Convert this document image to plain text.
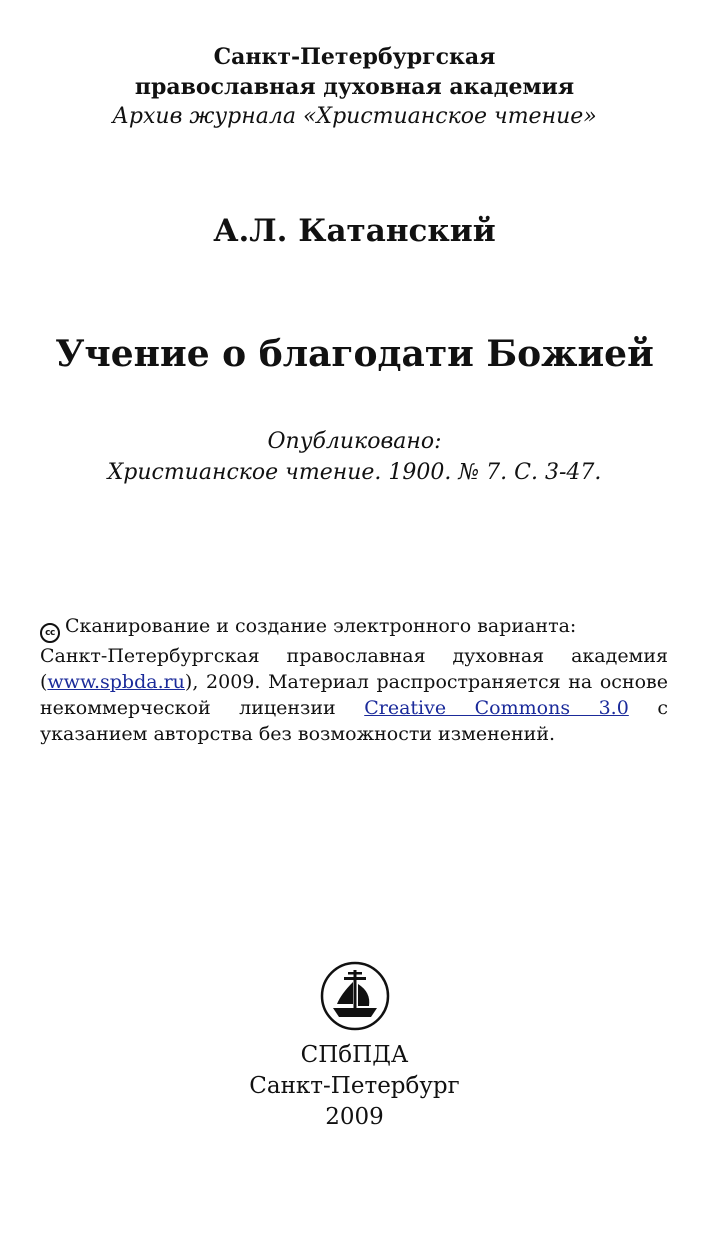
Санкт-Петербургская
православная духовная академия
Архив журнала «Христианское чтение»
А.Л. Катанский
Учение о благодати Божией
Опубликовано:
Христианское чтение. 1900. № 7. С. 3-47.
cc Сканирование и создание электронного варианта:
Санкт-Петербургская православная духовная академия (www.spbda.ru), 2009. Материал распространяется на основе некоммерческой лицензии Creative Commons 3.0 с указанием авторства без возможности изменений.
СПбПДА
Санкт-Петербург
2009
